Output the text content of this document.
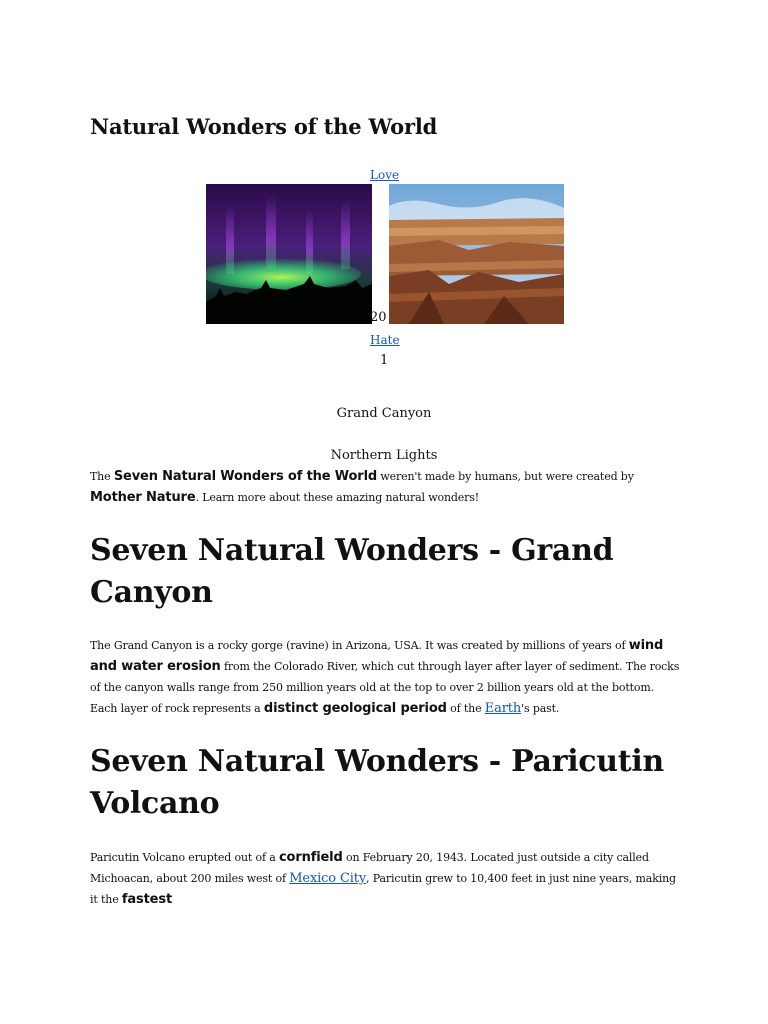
Natural Wonders of the World
Love
20
Hate
1
Grand Canyon
Northern Lights

The Seven Natural Wonders of the World weren't made by humans, but were created by Mother Nature. Learn more about these amazing natural wonders!

Seven Natural Wonders - Grand Canyon

The Grand Canyon is a rocky gorge (ravine) in Arizona, USA. It was created by millions of years of wind and water erosion from the Colorado River, which cut through layer after layer of sediment. The rocks of the canyon walls range from 250 million years old at the top to over 2 billion years old at the bottom. Each layer of rock represents a distinct geological period of the Earth's past.

Seven Natural Wonders - Paricutin Volcano

Paricutin Volcano erupted out of a cornfield on February 20, 1943. Located just outside a city called Michoacan, about 200 miles west of Mexico City, Paricutin grew to 10,400 feet in just nine years, making it the fastest
